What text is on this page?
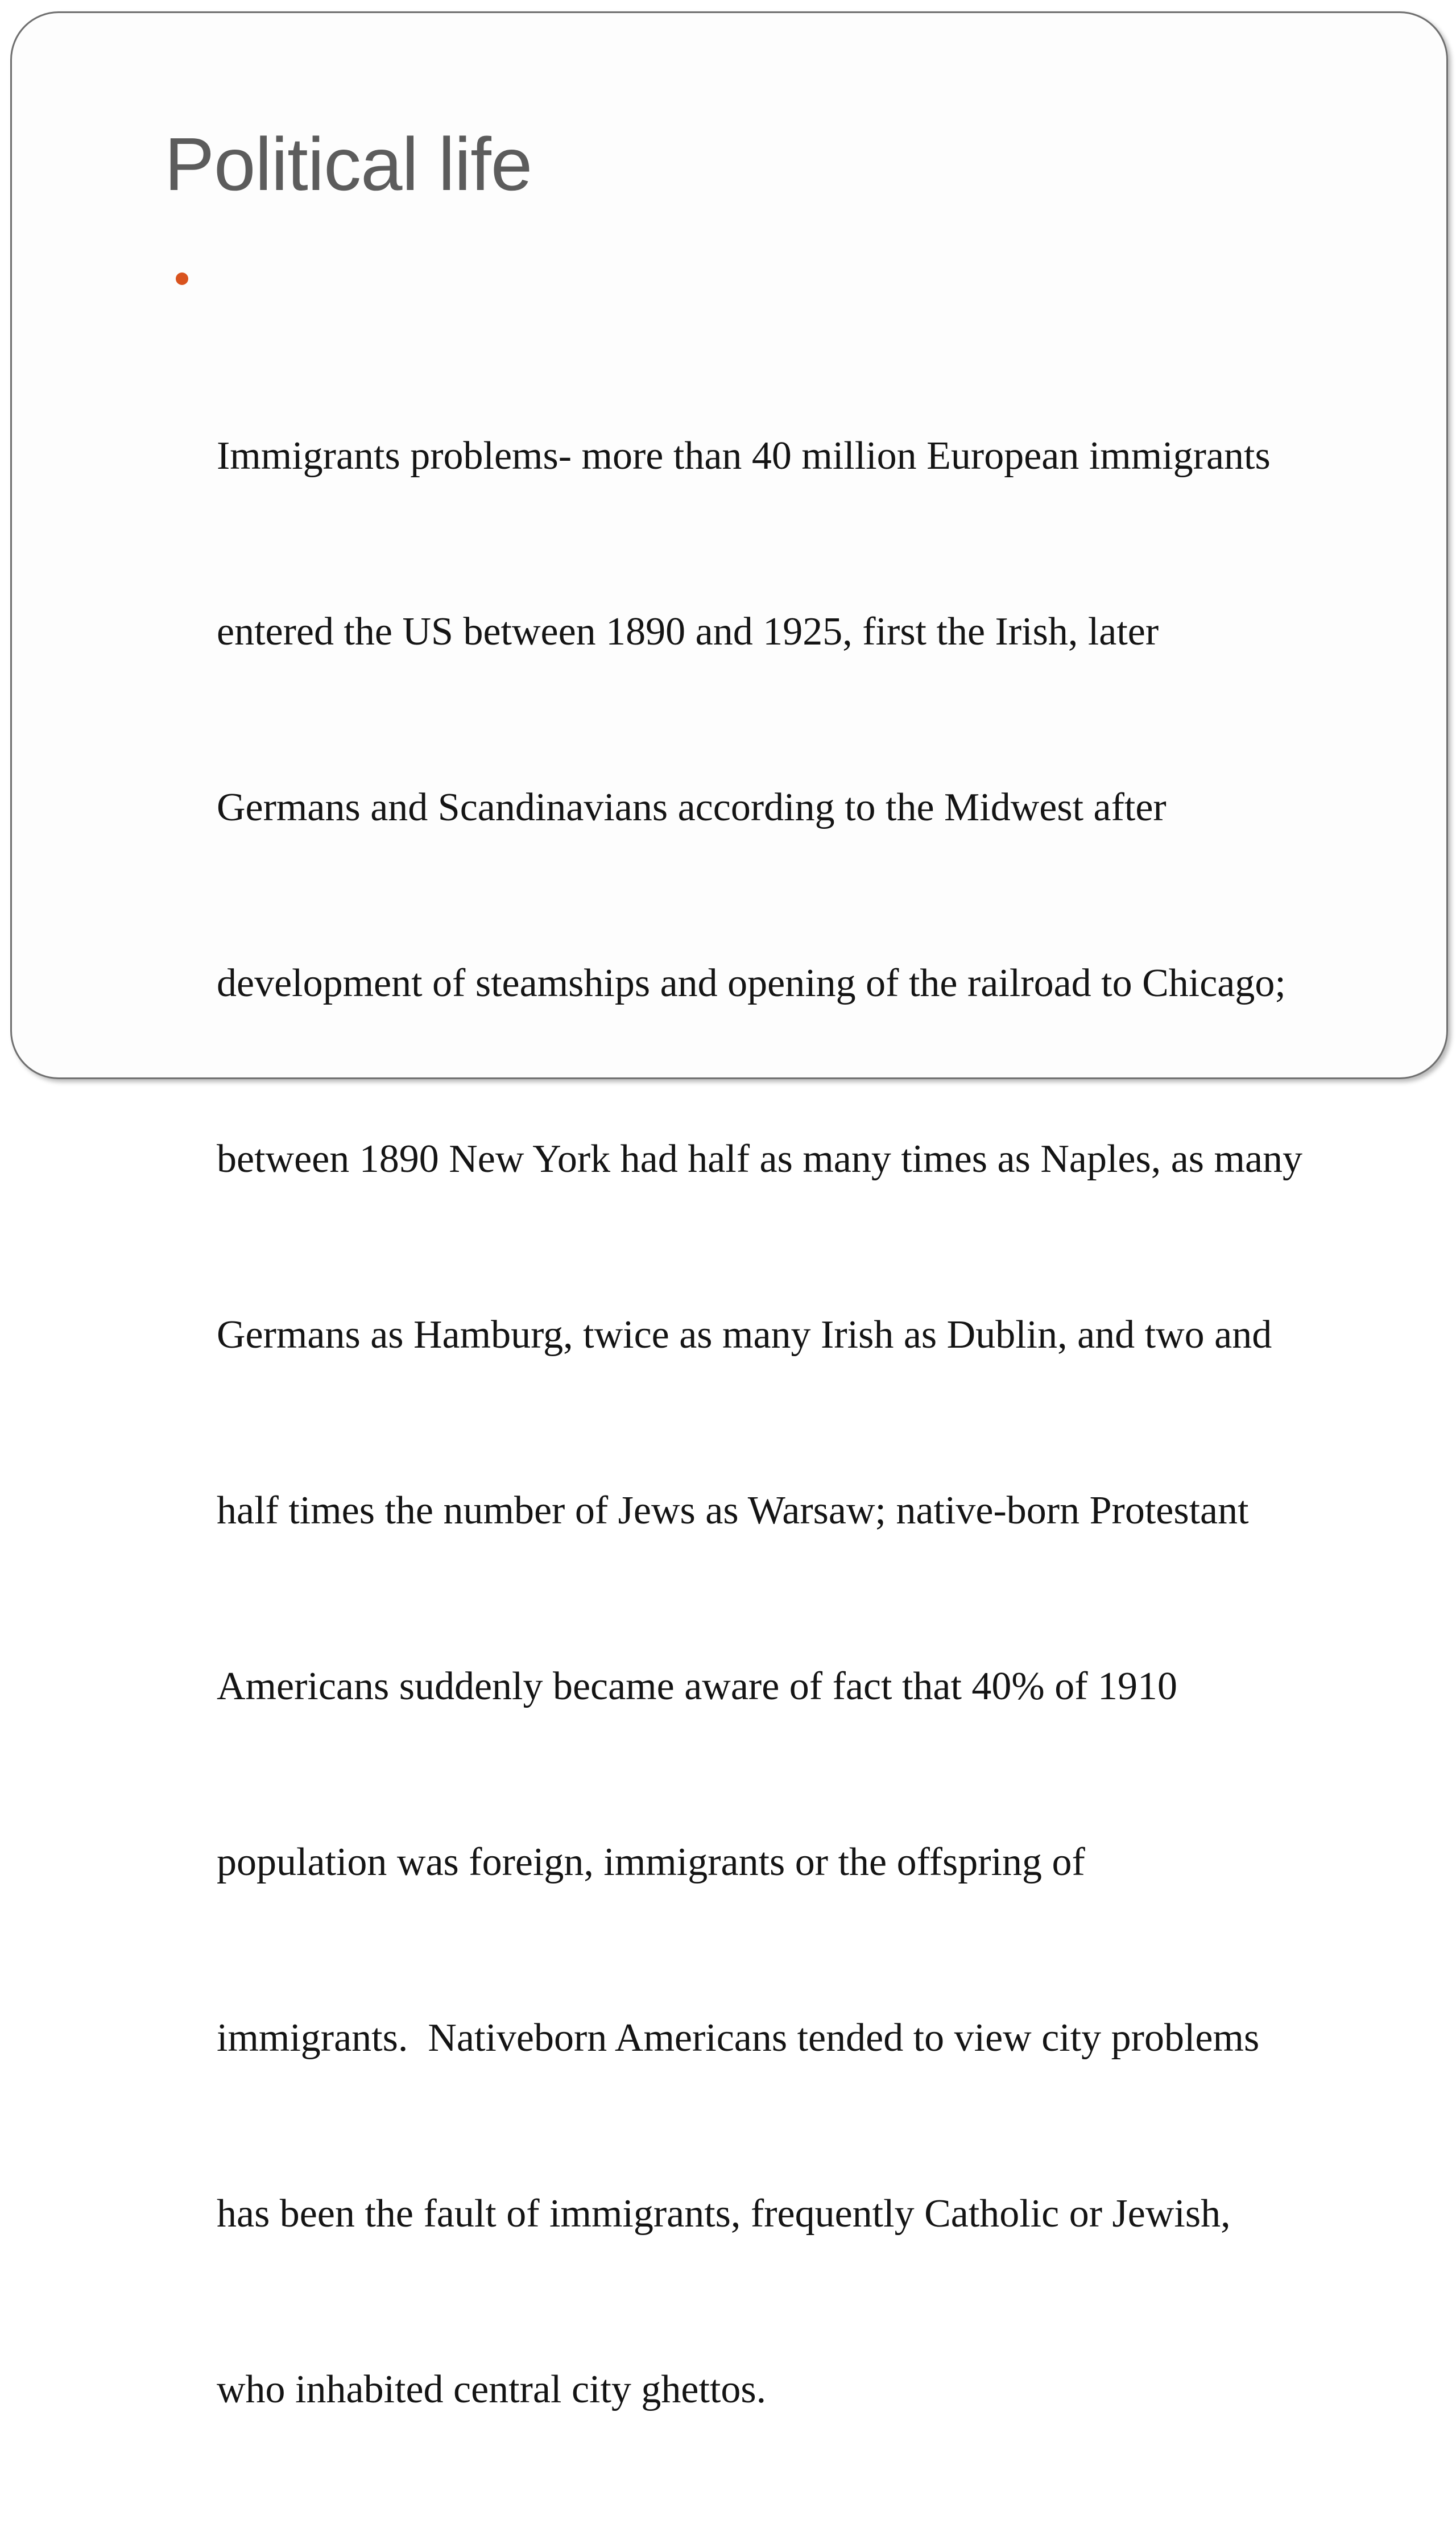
Political life

Immigrants problems- more than 40 million European immigrants

entered the US between 1890 and 1925, first the Irish, later

Germans and Scandinavians according to the Midwest after

development of steamships and opening of the railroad to Chicago;

between 1890 New York had half as many times as Naples, as many

Germans as Hamburg, twice as many Irish as Dublin, and two and

half times the number of Jews as Warsaw; native-born Protestant

Americans suddenly became aware of fact that 40% of 1910

population was foreign, immigrants or the offspring of

immigrants.  Nativeborn Americans tended to view city problems

has been the fault of immigrants, frequently Catholic or Jewish,

who inhabited central city ghettos.
